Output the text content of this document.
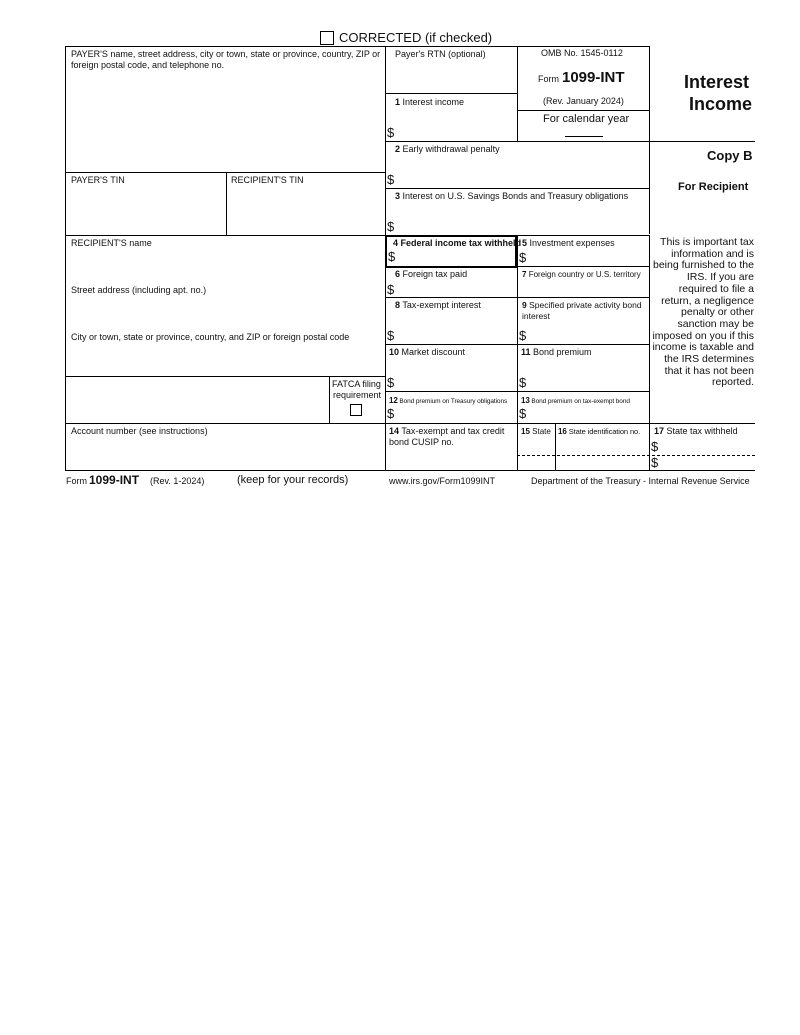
CORRECTED (if checked)
PAYER'S name, street address, city or town, state or province, country, ZIP or foreign postal code, and telephone no.
PAYER'S TIN	RECIPIENT'S TIN
RECIPIENT'S name
Street address (including apt. no.)
City or town, state or province, country, and ZIP or foreign postal code
FATCA filing
requirement
Account number (see instructions)
Payer's RTN (optional)	OMB No. 1545-0112
Form 1099-INT
(Rev. January 2024)
For calendar year
Interest
Income
Copy B
For Recipient
This is important tax information and is being furnished to the IRS. If you are required to file a return, a negligence penalty or other sanction may be imposed on you if this income is taxable and the IRS determines that it has not been reported.
1 Interest income
$
2 Early withdrawal penalty
$
3 Interest on U.S. Savings Bonds and Treasury obligations
$
4 Federal income tax withheld
$
5 Investment expenses
$
6 Foreign tax paid
$
7 Foreign country or U.S. territory
8 Tax-exempt interest
$
9 Specified private activity bond interest
$
10 Market discount
$
11 Bond premium
$
12 Bond premium on Treasury obligations
$
13 Bond premium on tax-exempt bond
$
14 Tax-exempt and tax credit bond CUSIP no.
15 State 16 State identification no. 17 State tax withheld
$
$
Form 1099-INT (Rev. 1-2024)	(keep for your records)	www.irs.gov/Form1099INT	Department of the Treasury - Internal Revenue Service
